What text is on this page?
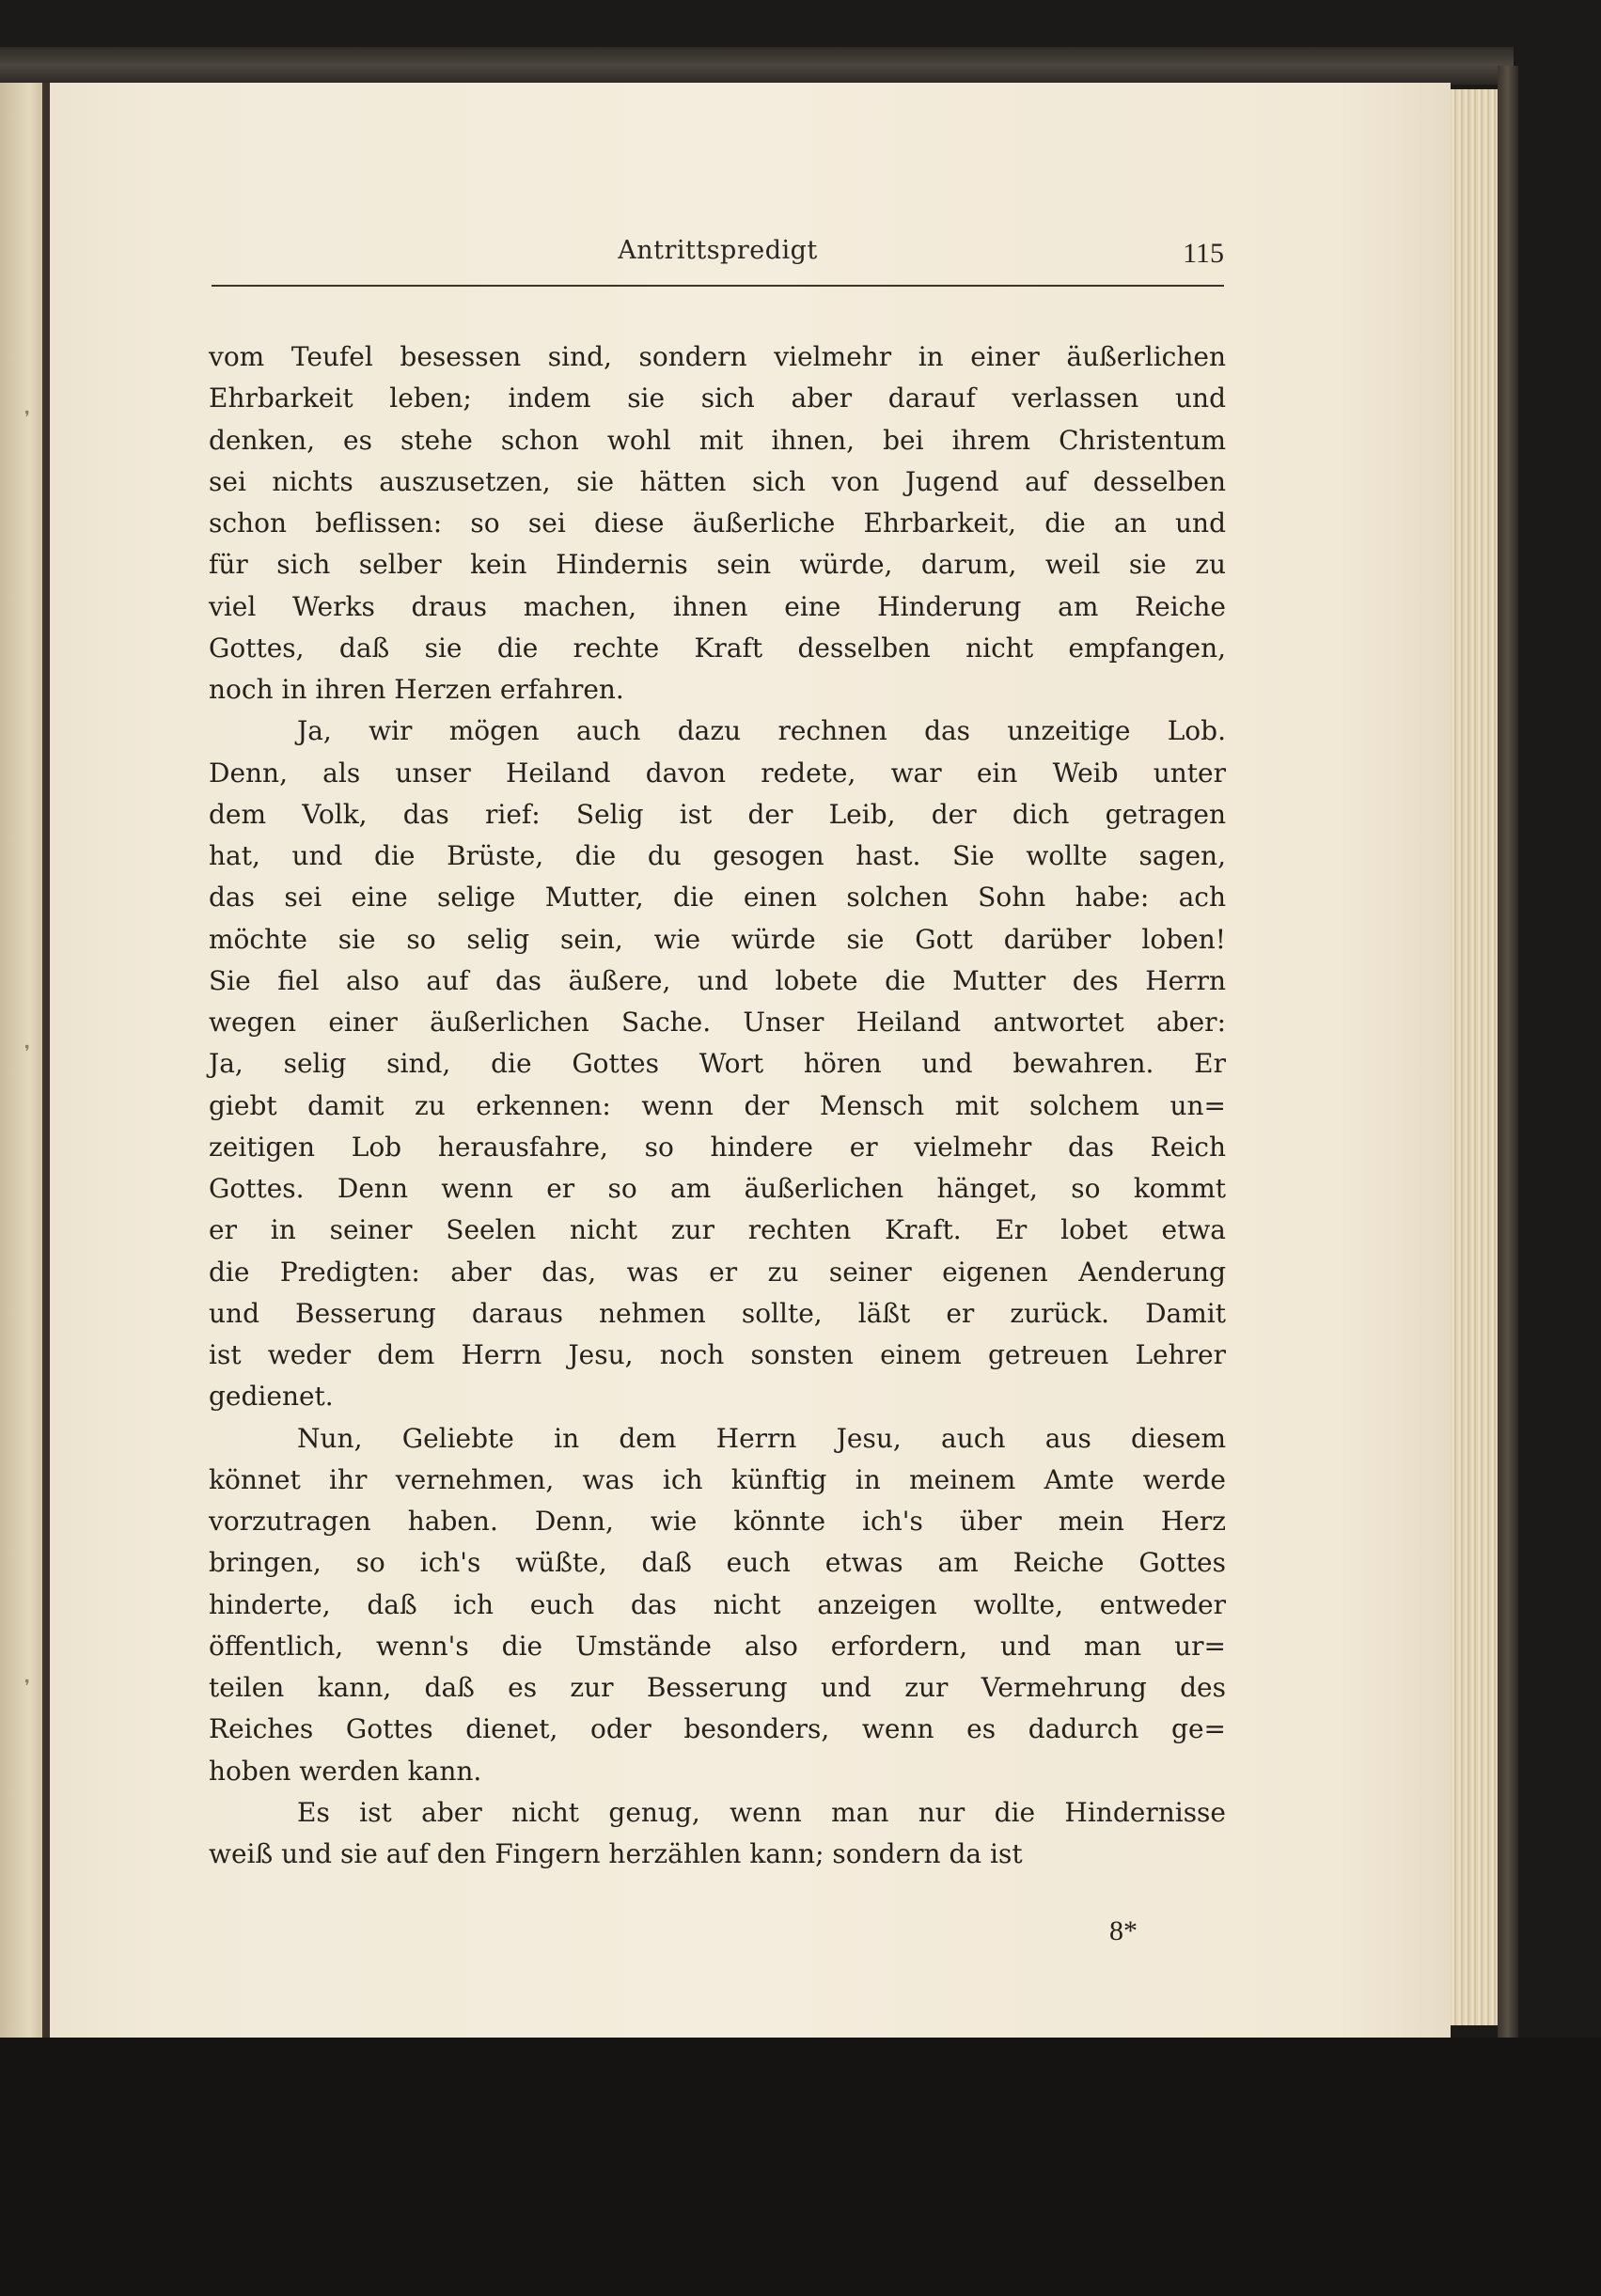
❜
❜
❜
Antrittspredigt	115
vom Teufel besessen sind, sondern vielmehr in einer äußerlichen
Ehrbarkeit leben; indem sie sich aber darauf verlassen und
denken, es stehe schon wohl mit ihnen, bei ihrem Christentum
sei nichts auszusetzen, sie hätten sich von Jugend auf desselben
schon beflissen: so sei diese äußerliche Ehrbarkeit, die an und
für sich selber kein Hindernis sein würde, darum, weil sie zu
viel Werks draus machen, ihnen eine Hinderung am Reiche
Gottes, daß sie die rechte Kraft desselben nicht empfangen,
noch in ihren Herzen erfahren.
Ja, wir mögen auch dazu rechnen das unzeitige Lob.
Denn, als unser Heiland davon redete, war ein Weib unter
dem Volk, das rief: Selig ist der Leib, der dich getragen
hat, und die Brüste, die du gesogen hast. Sie wollte sagen,
das sei eine selige Mutter, die einen solchen Sohn habe: ach
möchte sie so selig sein, wie würde sie Gott darüber loben!
Sie fiel also auf das äußere, und lobete die Mutter des Herrn
wegen einer äußerlichen Sache. Unser Heiland antwortet aber:
Ja, selig sind, die Gottes Wort hören und bewahren. Er
giebt damit zu erkennen: wenn der Mensch mit solchem un=
zeitigen Lob herausfahre, so hindere er vielmehr das Reich
Gottes. Denn wenn er so am äußerlichen hänget, so kommt
er in seiner Seelen nicht zur rechten Kraft. Er lobet etwa
die Predigten: aber das, was er zu seiner eigenen Aenderung
und Besserung daraus nehmen sollte, läßt er zurück. Damit
ist weder dem Herrn Jesu, noch sonsten einem getreuen Lehrer
gedienet.
Nun, Geliebte in dem Herrn Jesu, auch aus diesem
könnet ihr vernehmen, was ich künftig in meinem Amte werde
vorzutragen haben. Denn, wie könnte ich's über mein Herz
bringen, so ich's wüßte, daß euch etwas am Reiche Gottes
hinderte, daß ich euch das nicht anzeigen wollte, entweder
öffentlich, wenn's die Umstände also erfordern, und man ur=
teilen kann, daß es zur Besserung und zur Vermehrung des
Reiches Gottes dienet, oder besonders, wenn es dadurch ge=
hoben werden kann.
Es ist aber nicht genug, wenn man nur die Hindernisse
weiß und sie auf den Fingern herzählen kann; sondern da ist
8*
